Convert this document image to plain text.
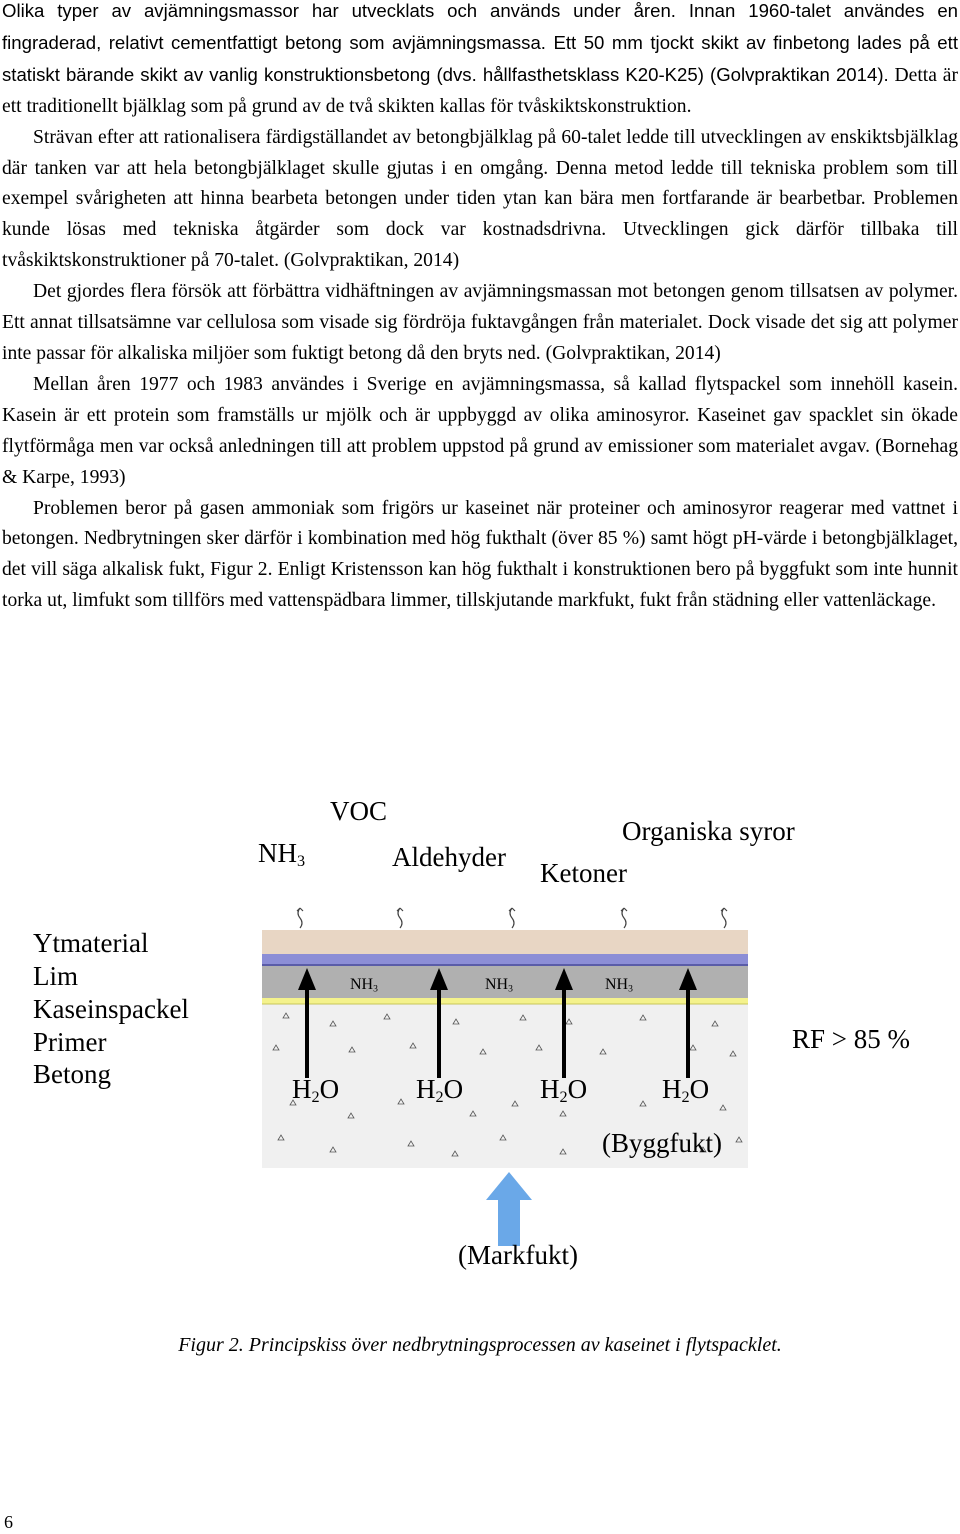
Olika typer av avjämningsmassor har utvecklats och används under åren. Innan 1960-talet användes en fingraderad, relativt cementfattigt betong som avjämningsmassa. Ett 50 mm tjockt skikt av finbetong lades på ett statiskt bärande skikt av vanlig konstruktionsbetong (dvs. hållfasthetsklass K20-K25) (Golvpraktikan 2014). Detta är ett traditionellt bjälklag som på grund av de två skikten kallas för tvåskiktskonstruktion.

Strävan efter att rationalisera färdigställandet av betongbjälklag på 60-talet ledde till utvecklingen av enskiktsbjälklag där tanken var att hela betongbjälklaget skulle gjutas i en omgång. Denna metod ledde till tekniska problem som till exempel svårigheten att hinna bearbeta betongen under tiden ytan kan bära men fortfarande är bearbetbar. Problemen kunde lösas med tekniska åtgärder som dock var kostnadsdrivna. Utvecklingen gick därför tillbaka till tvåskiktskonstruktioner på 70-talet. (Golvpraktikan, 2014)

Det gjordes flera försök att förbättra vidhäftningen av avjämningsmassan mot betongen genom tillsatsen av polymer. Ett annat tillsatsämne var cellulosa som visade sig fördröja fuktavgången från materialet. Dock visade det sig att polymer inte passar för alkaliska miljöer som fuktigt betong då den bryts ned. (Golvpraktikan, 2014)

Mellan åren 1977 och 1983 användes i Sverige en avjämningsmassa, så kallad flytspackel som innehöll kasein. Kasein är ett protein som framställs ur mjölk och är uppbyggd av olika aminosyror. Kaseinet gav spacklet sin ökade flytförmåga men var också anledningen till att problem uppstod på grund av emissioner som materialet avgav. (Bornehag & Karpe, 1993)

Problemen beror på gasen ammoniak som frigörs ur kaseinet när proteiner och aminosyror reagerar med vattnet i betongen. Nedbrytningen sker därför i kombination med hög fukthalt (över 85 %) samt högt pH-värde i betongbjälklaget, det vill säga alkalisk fukt, Figur 2. Enligt Kristensson kan hög fukthalt i konstruktionen bero på byggfukt som inte hunnit torka ut, limfukt som tillförs med vattenspädbara limmer, tillskjutande markfukt, fukt från städning eller vattenläckage.

$NH_3$
VOC
Aldehyder
Ketoner
Organiska syror
Ytmaterial
Lim
Kaseinspackel
Primer
Betong
$NH_3$	$NH_3$	$NH_3$
$H_2O$	$H_2O$	$H_2O$	$H_2O$
RF > 85 %
(Byggfukt)
(Markfukt)
Figur 2. Principskiss över nedbrytningsprocessen av kaseinet i flytspacklet.
6
